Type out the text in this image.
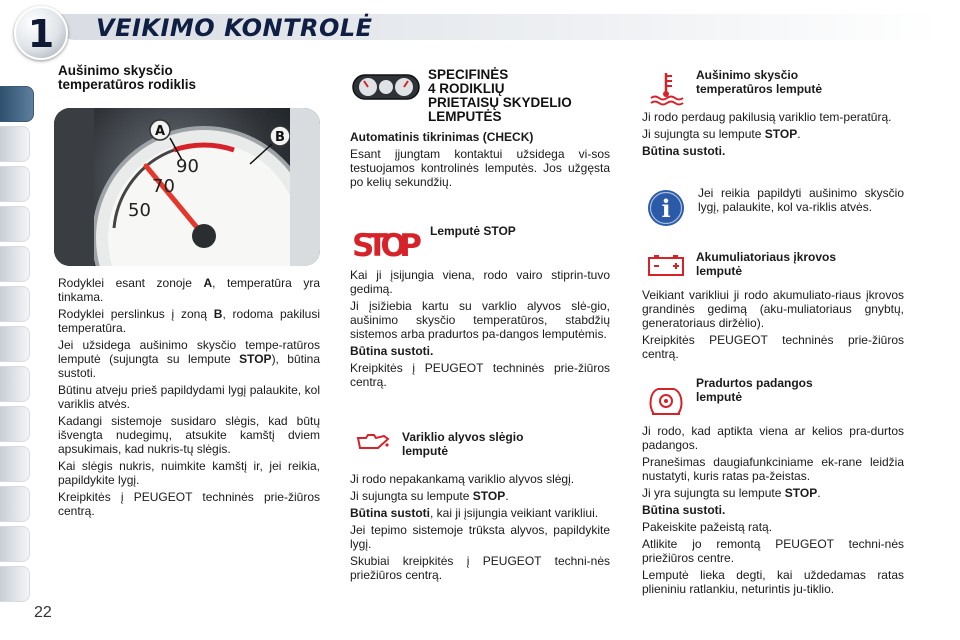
1	VEIKIMO KONTROLĖ
Aušinimo skysčio
temperatūros rodiklis
A	B
90
70
50

Rodyklei esant zonoje A, temperatūra yra tinkama.

Rodyklei perslinkus į zoną B, rodoma pakilusi temperatūra.

Jei užsidega aušinimo skysčio tempe-ratūros lemputė (sujungta su lempute STOP), būtina sustoti.

Būtinu atveju prieš papildydami lygį palaukite, kol variklis atvės.

Kadangi sistemoje susidaro slėgis, kad būtų išvengta nudegimų, atsukite kamštį dviem apsukimais, kad nukris-tų slėgis.

Kai slėgis nukris, nuimkite kamštį ir, jei reikia, papildykite lygį.

Kreipkitės į PEUGEOT techninės prie-žiūros centrą.

22
SPECIFINĖS
4 RODIKLIŲ
PRIETAISŲ SKYDELIO
LEMPUTĖS
Automatinis tikrinimas (CHECK)

Esant įjungtam kontaktui užsidega vi-sos testuojamos kontrolinės lemputės. Jos užgęsta po kelių sekundžių.

STOP Lemputė STOP

Kai ji įsijungia viena, rodo vairo stiprin-tuvo gedimą.

Ji įsižiebia kartu su varklio alyvos slė-gio, aušinimo skysčio temperatūros, stabdžių sistemos arba pradurtos pa-dangos lemputėmis.

Būtina sustoti.

Kreipkitės į PEUGEOT techninės prie-žiūros centrą.

Variklio alyvos slėgio
lemputė

Ji rodo nepakankamą variklio alyvos slėgį.

Ji sujungta su lempute STOP.

Būtina sustoti, kai ji įsijungia veikiant varikliui.

Jei tepimo sistemoje trūksta alyvos, papildykite lygį.

Skubiai kreipkitės į PEUGEOT techni-nės priežiūros centrą.

Aušinimo skysčio
temperatūros lemputė

Ji rodo perdaug pakilusią variklio tem-peratūrą.

Ji sujungta su lempute STOP.

Būtina sustoti.

i

Jei reikia papildyti aušinimo skysčio lygį, palaukite, kol va-riklis atvės.

Akumuliatoriaus įkrovos
lemputė

Veikiant varikliui ji rodo akumuliato-riaus įkrovos grandinės gedimą (aku-muliatoriaus gnybtų, generatoriaus diržėlio).

Kreipkitės PEUGEOT techninės prie-žiūros centrą.

Pradurtos padangos
lemputė

Ji rodo, kad aptikta viena ar kelios pra-durtos padangos.

Pranešimas daugiafunkciniame ek-rane leidžia nustatyti, kuris ratas pa-žeistas.

Ji yra sujungta su lempute STOP.

Būtina sustoti.

Pakeiskite pažeistą ratą.

Atlikite jo remontą PEUGEOT techni-nės priežiūros centre.

Lemputė lieka degti, kai uždedamas ratas plieniniu ratlankiu, neturintis ju-tiklio.
